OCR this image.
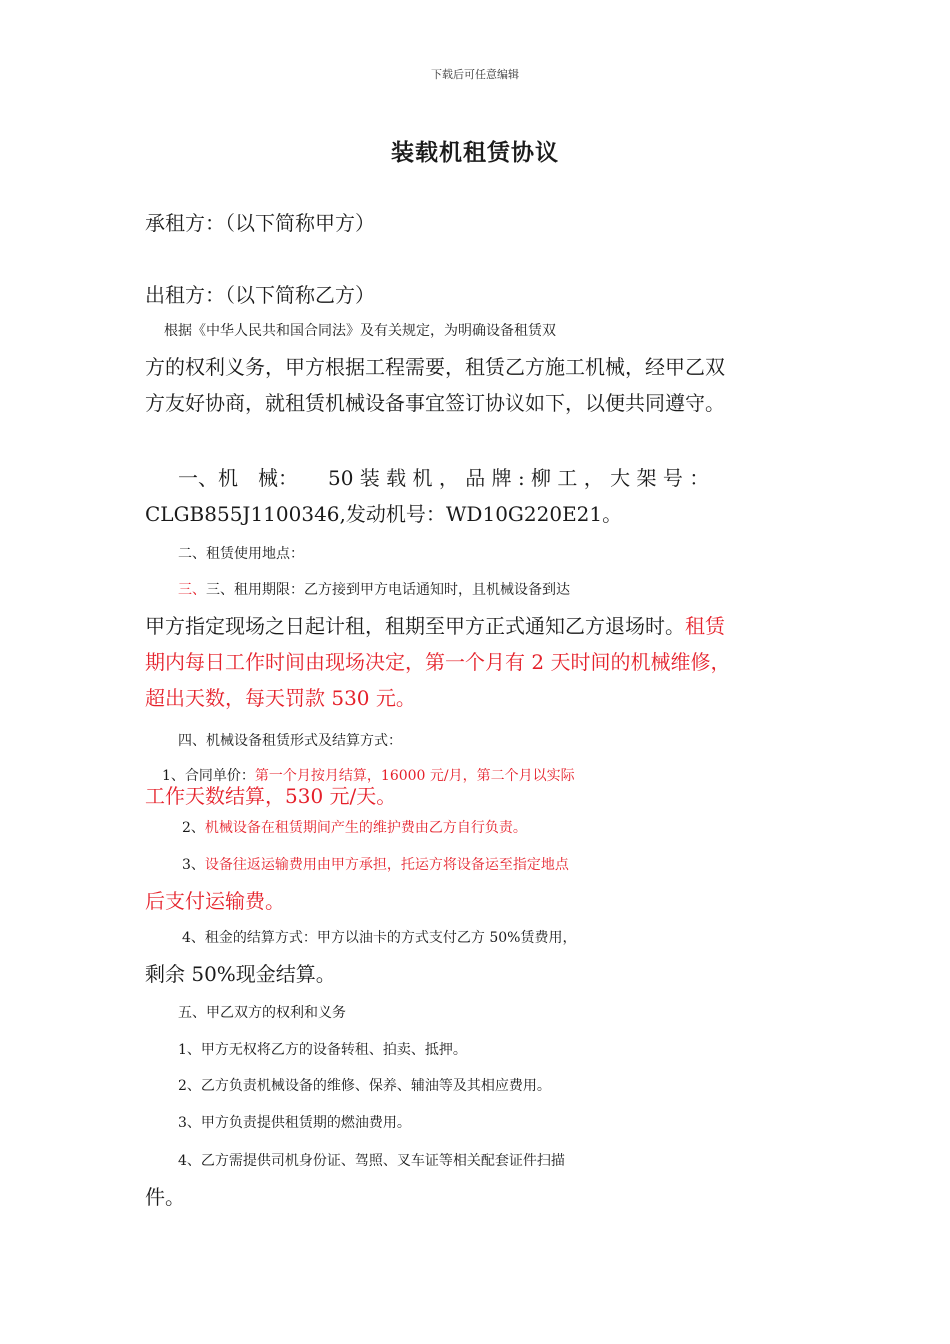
下载后可任意编辑
装载机租赁协议
承租方：（以下简称甲方）
出租方：（以下简称乙方）
根据《中华人民共和国合同法》及有关规定，为明确设备租赁双
方的权利义务，甲方根据工程需要，租赁乙方施工机械，经甲乙双
方友好协商，就租赁机械设备事宜签订协议如下，以便共同遵守。
一、机　械：　　50 装 载 机 ， 品 牌 : 柳 工 ， 大 架 号 ：
CLGB855J1100346,发动机号：WD10G220E21。
二、租赁使用地点：
三、三、租用期限：乙方接到甲方电话通知时，且机械设备到达
甲方指定现场之日起计租，租期至甲方正式通知乙方退场时。租赁
期内每日工作时间由现场决定，第一个月有 2 天时间的机械维修，
超出天数，每天罚款 530 元。
四、机械设备租赁形式及结算方式：
1、合同单价：第一个月按月结算，16000 元/月，第二个月以实际
工作天数结算，530 元/天。
2、机械设备在租赁期间产生的维护费由乙方自行负责。
3、设备往返运输费用由甲方承担，托运方将设备运至指定地点
后支付运输费。
4、租金的结算方式：甲方以油卡的方式支付乙方 50%赁费用，
剩余 50%现金结算。
五、甲乙双方的权利和义务
1、甲方无权将乙方的设备转租、拍卖、抵押。
2、乙方负责机械设备的维修、保养、辅油等及其相应费用。
3、甲方负责提供租赁期的燃油费用。
4、乙方需提供司机身份证、驾照、叉车证等相关配套证件扫描
件。
